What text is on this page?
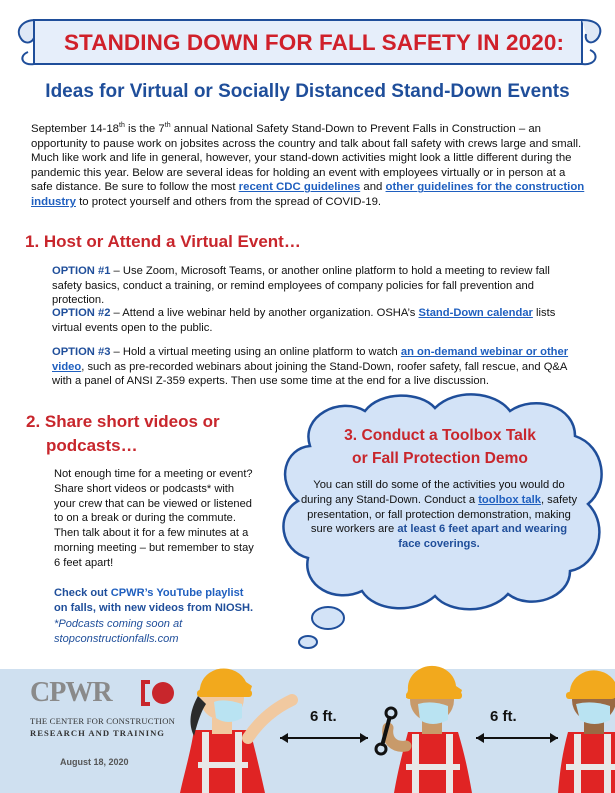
STANDING DOWN FOR FALL SAFETY IN 2020:
Ideas for Virtual or Socially Distanced Stand-Down Events
September 14-18th is the 7th annual National Safety Stand-Down to Prevent Falls in Construction – an opportunity to pause work on jobsites across the country and talk about fall safety with crews large and small. Much like work and life in general, however, your stand-down activities might look a little different during the pandemic this year. Below are several ideas for holding an event with employees virtually or in person at a safe distance. Be sure to follow the most recent CDC guidelines and other guidelines for the construction industry to protect yourself and others from the spread of COVID-19.
1. Host or Attend a Virtual Event…
OPTION #1 – Use Zoom, Microsoft Teams, or another online platform to hold a meeting to review fall safety basics, conduct a training, or remind employees of company policies for fall prevention and protection.
OPTION #2 – Attend a live webinar held by another organization. OSHA’s Stand-Down calendar lists virtual events open to the public.
OPTION #3 – Hold a virtual meeting using an online platform to watch an on-demand webinar or other video, such as pre-recorded webinars about joining the Stand-Down, roofer safety, fall rescue, and Q&A with a panel of ANSI Z-359 experts. Then use some time at the end for a live discussion.
2. Share short videos or
podcasts…
Not enough time for a meeting or event? Share short videos or podcasts* with your crew that can be viewed or listened to on a break or during the commute. Then talk about it for a few minutes at a morning meeting – but remember to stay 6 feet apart!
Check out CPWR’s YouTube playlist on falls, with new videos from NIOSH.
*Podcasts coming soon at
stopconstructionfalls.com
3. Conduct a Toolbox Talk
or Fall Protection Demo
You can still do some of the activities you would do during any Stand-Down. Conduct a toolbox talk, safety presentation, or fall protection demonstration, making sure workers are at least 6 feet apart and wearing face coverings.
CPWR
THE CENTER FOR CONSTRUCTION
RESEARCH AND TRAINING
August 18, 2020
6 ft.	6 ft.
